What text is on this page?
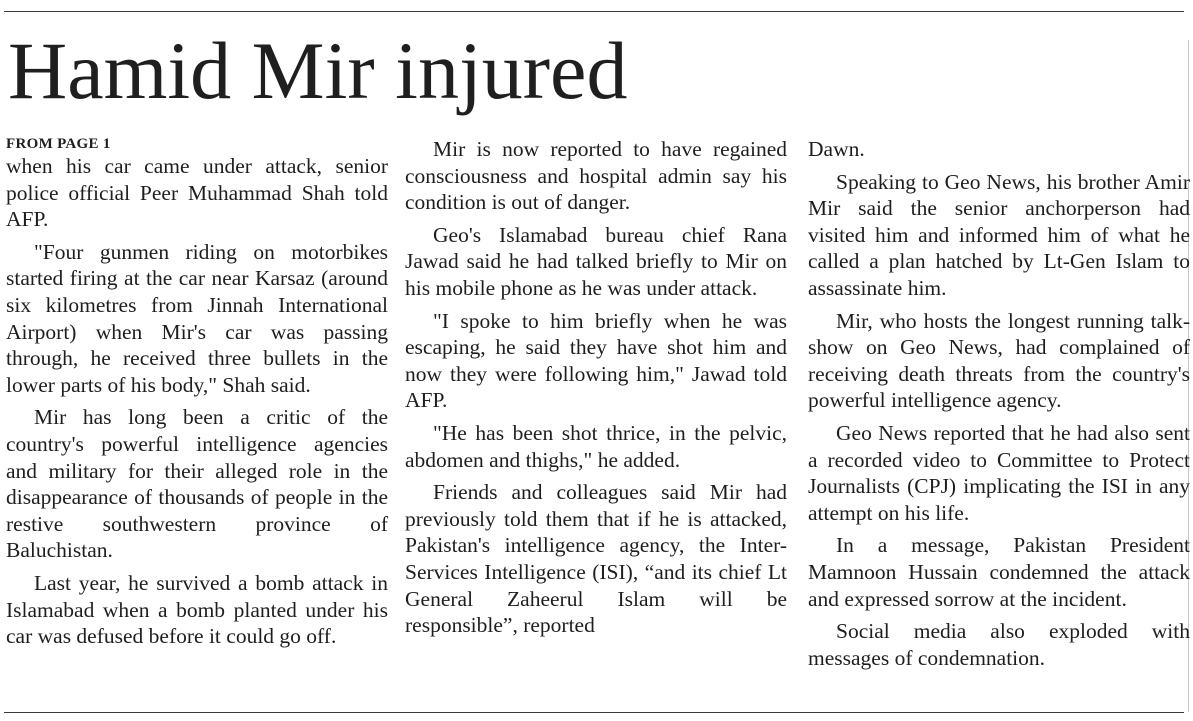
Hamid Mir injured
FROM PAGE 1

when his car came under attack, senior police official Peer Muhammad Shah told AFP.

"Four gunmen riding on motorbikes started firing at the car near Karsaz (around six kilometres from Jinnah International Airport) when Mir's car was passing through, he received three bullets in the lower parts of his body," Shah said.

Mir has long been a critic of the country's powerful intelligence agencies and military for their alleged role in the disappearance of thousands of people in the restive southwestern province of Baluchistan.

Last year, he survived a bomb attack in Islamabad when a bomb planted under his car was defused before it could go off.

Mir is now reported to have regained consciousness and hospital admin say his condition is out of danger.

Geo's Islamabad bureau chief Rana Jawad said he had talked briefly to Mir on his mobile phone as he was under attack.

"I spoke to him briefly when he was escaping, he said they have shot him and now they were following him," Jawad told AFP.

"He has been shot thrice, in the pelvic, abdomen and thighs," he added.

Friends and colleagues said Mir had previously told them that if he is attacked, Pakistan's intelligence agency, the Inter-Services Intelligence (ISI), “and its chief Lt General Zaheerul Islam will be responsible”, reported

Dawn.

Speaking to Geo News, his brother Amir Mir said the senior anchorperson had visited him and informed him of what he called a plan hatched by Lt-Gen Islam to assassinate him.

Mir, who hosts the longest running talk-show on Geo News, had complained of receiving death threats from the country's powerful intelligence agency.

Geo News reported that he had also sent a recorded video to Committee to Protect Journalists (CPJ) implicating the ISI in any attempt on his life.

In a message, Pakistan President Mamnoon Hussain condemned the attack and expressed sorrow at the incident.

Social media also exploded with messages of condemnation.
